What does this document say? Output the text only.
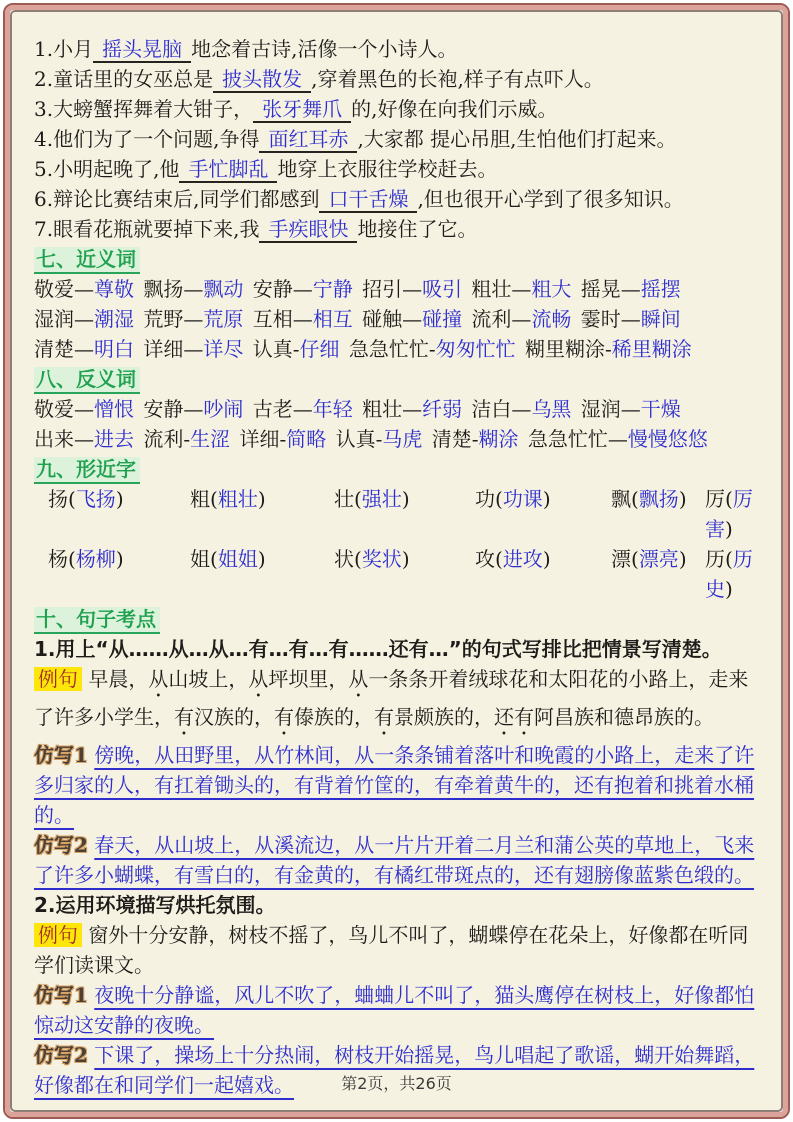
1.小月 摇头晃脑 地念着古诗,活像一个小诗人。
2.童话里的女巫总是 披头散发 ,穿着黑色的长袍,样子有点吓人。
3.大螃蟹挥舞着大钳子， 张牙舞爪 的,好像在向我们示威。
4.他们为了一个问题,争得 面红耳赤 ,大家都 提心吊胆,生怕他们打起来。
5.小明起晚了,他 手忙脚乱 地穿上衣服往学校赶去。
6.辩论比赛结束后,同学们都感到 口干舌燥 ,但也很开心学到了很多知识。
7.眼看花瓶就要掉下来,我 手疾眼快 地接住了它。
七、近义词
敬爱—尊敬 飘扬—飘动 安静—宁静 招引—吸引 粗壮—粗大 摇晃—摇摆
湿润—潮湿 荒野—荒原 互相—相互 碰触—碰撞 流利—流畅 霎时—瞬间
清楚—明白 详细—详尽 认真-仔细 急急忙忙-匆匆忙忙 糊里糊涂-稀里糊涂
八、反义词
敬爱—憎恨 安静—吵闹 古老—年轻 粗壮—纤弱 洁白—乌黑 湿润—干燥
出来—进去 流利-生涩 详细-简略 认真-马虎 清楚-糊涂 急急忙忙—慢慢悠悠
九、形近字
扬(飞扬)	粗(粗壮)	壮(强壮)	功(功课)	飘(飘扬) 厉(厉害)
杨(杨柳)	姐(姐姐)	状(奖状)	攻(进攻)	漂(漂亮) 历(历史)
十、句子考点
1.用上“从……从…从…有…有…有……还有…”的句式写排比把情景写清楚。
例句 早晨，从山坡上，从坪坝里，从一条条开着绒球花和太阳花的小路上，走来了许多小学生，有汉族的，有傣族的，有景颇族的，还有阿昌族和德昂族的。
仿写1 傍晚，从田野里，从竹林间，从一条条铺着落叶和晚霞的小路上，走来了许多归家的人，有扛着锄头的，有背着竹筐的，有牵着黄牛的，还有抱着和挑着水桶的。
仿写2 春天，从山坡上，从溪流边，从一片片开着二月兰和蒲公英的草地上，飞来了许多小蝴蝶，有雪白的，有金黄的，有橘红带斑点的，还有翅膀像蓝紫色缎的。
2.运用环境描写烘托氛围。
例句 窗外十分安静，树枝不摇了，鸟儿不叫了，蝴蝶停在花朵上，好像都在听同学们读课文。
仿写1 夜晚十分静谧，风儿不吹了，蛐蛐儿不叫了，猫头鹰停在树枝上，好像都怕惊动这安静的夜晚。
仿写2 下课了，操场上十分热闹，树枝开始摇晃，鸟儿唱起了歌谣，蝴开始舞蹈，好像都在和同学们一起嬉戏。	第2页，共26页
